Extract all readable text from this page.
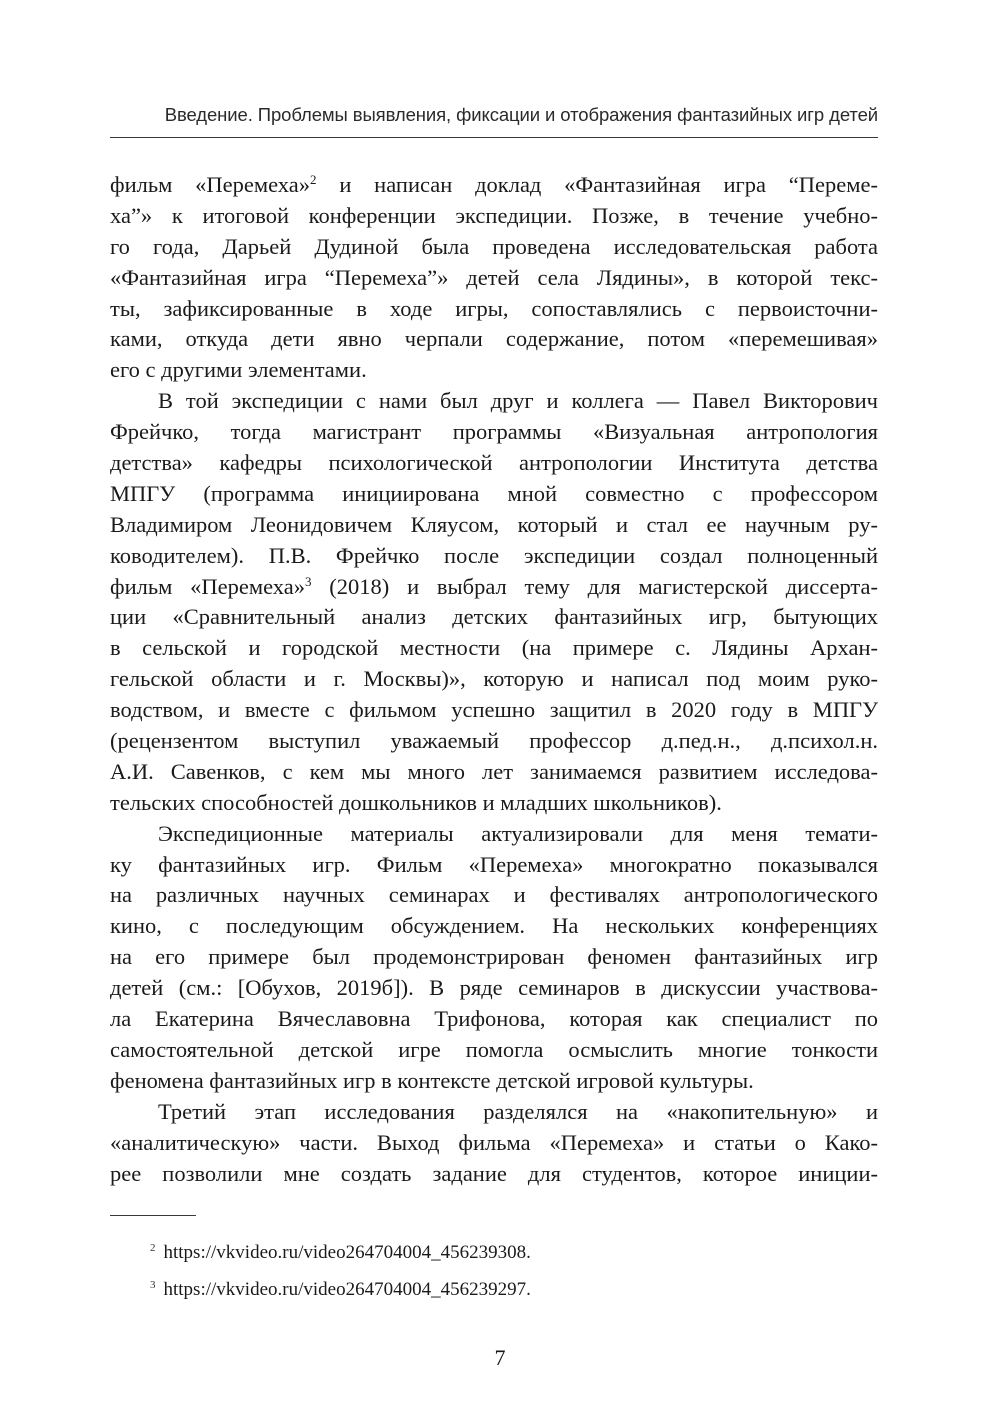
Введение. Проблемы выявления, фиксации и отображения фантазийных игр детей
фильм «Перемеха»$^2$ и написан доклад «Фантазийная игра “Переме-
ха”» к итоговой конференции экспедиции. Позже, в течение учебно-
го года, Дарьей Дудиной была проведена исследовательская работа
«Фантазийная игра “Перемеха”» детей села Лядины», в которой текс-
ты, зафиксированные в ходе игры, сопоставлялись с первоисточни-
ками, откуда дети явно черпали содержание, потом «перемешивая»
его с другими элементами.
В той экспедиции с нами был друг и коллега — Павел Викторович
Фрейчко, тогда магистрант программы «Визуальная антропология
детства» кафедры психологической антропологии Института детства
МПГУ (программа инициирована мной совместно с профессором
Владимиром Леонидовичем Кляусом, который и стал ее научным ру-
ководителем). П.В. Фрейчко после экспедиции создал полноценный
фильм «Перемеха»$^3$ (2018) и выбрал тему для магистерской диссерта-
ции «Сравнительный анализ детских фантазийных игр, бытующих
в сельской и городской местности (на примере с. Лядины Архан-
гельской области и г. Москвы)», которую и написал под моим руко-
водством, и вместе с фильмом успешно защитил в 2020 году в МПГУ
(рецензентом выступил уважаемый профессор д.пед.н., д.психол.н.
А.И. Савенков, с кем мы много лет занимаемся развитием исследова-
тельских способностей дошкольников и младших школьников).
Экспедиционные материалы актуализировали для меня темати-
ку фантазийных игр. Фильм «Перемеха» многократно показывался
на различных научных семинарах и фестивалях антропологического
кино, с последующим обсуждением. На нескольких конференциях
на его примере был продемонстрирован феномен фантазийных игр
детей (см.: [Обухов, 2019б]). В ряде семинаров в дискуссии участвова-
ла Екатерина Вячеславовна Трифонова, которая как специалист по
самостоятельной детской игре помогла осмыслить многие тонкости
феномена фантазийных игр в контексте детской игровой культуры.
Третий этап исследования разделялся на «накопительную» и
«аналитическую» части. Выход фильма «Перемеха» и статьи о Како-
рее позволили мне создать задание для студентов, которое иниции-
$^2$ https://vkvideo.ru/video264704004_456239308.
$^3$ https://vkvideo.ru/video264704004_456239297.
7
